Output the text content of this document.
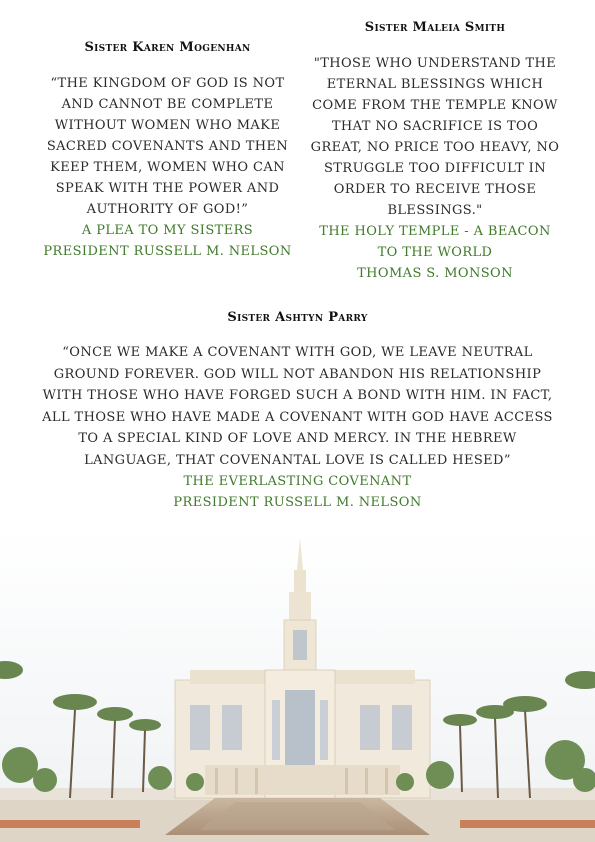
Sister Karen Mogenhan
“THE KINGDOM OF GOD IS NOT AND CANNOT BE COMPLETE WITHOUT WOMEN WHO MAKE SACRED COVENANTS AND THEN KEEP THEM, WOMEN WHO CAN SPEAK WITH THE POWER AND AUTHORITY OF GOD!”
A PLEA TO MY SISTERS
PRESIDENT RUSSELL M. NELSON
Sister Maleia Smith
"THOSE WHO UNDERSTAND THE ETERNAL BLESSINGS WHICH COME FROM THE TEMPLE KNOW THAT NO SACRIFICE IS TOO GREAT, NO PRICE TOO HEAVY, NO STRUGGLE TOO DIFFICULT IN ORDER TO RECEIVE THOSE BLESSINGS."
THE HOLY TEMPLE - A BEACON TO THE WORLD
THOMAS S. MONSON
Sister Ashtyn Parry
“ONCE WE MAKE A COVENANT WITH GOD, WE LEAVE NEUTRAL GROUND FOREVER. GOD WILL NOT ABANDON HIS RELATIONSHIP WITH THOSE WHO HAVE FORGED SUCH A BOND WITH HIM. IN FACT, ALL THOSE WHO HAVE MADE A COVENANT WITH GOD HAVE ACCESS TO A SPECIAL KIND OF LOVE AND MERCY. IN THE HEBREW LANGUAGE, THAT COVENANTAL LOVE IS CALLED HESED”
THE EVERLASTING COVENANT
PRESIDENT RUSSELL M. NELSON
